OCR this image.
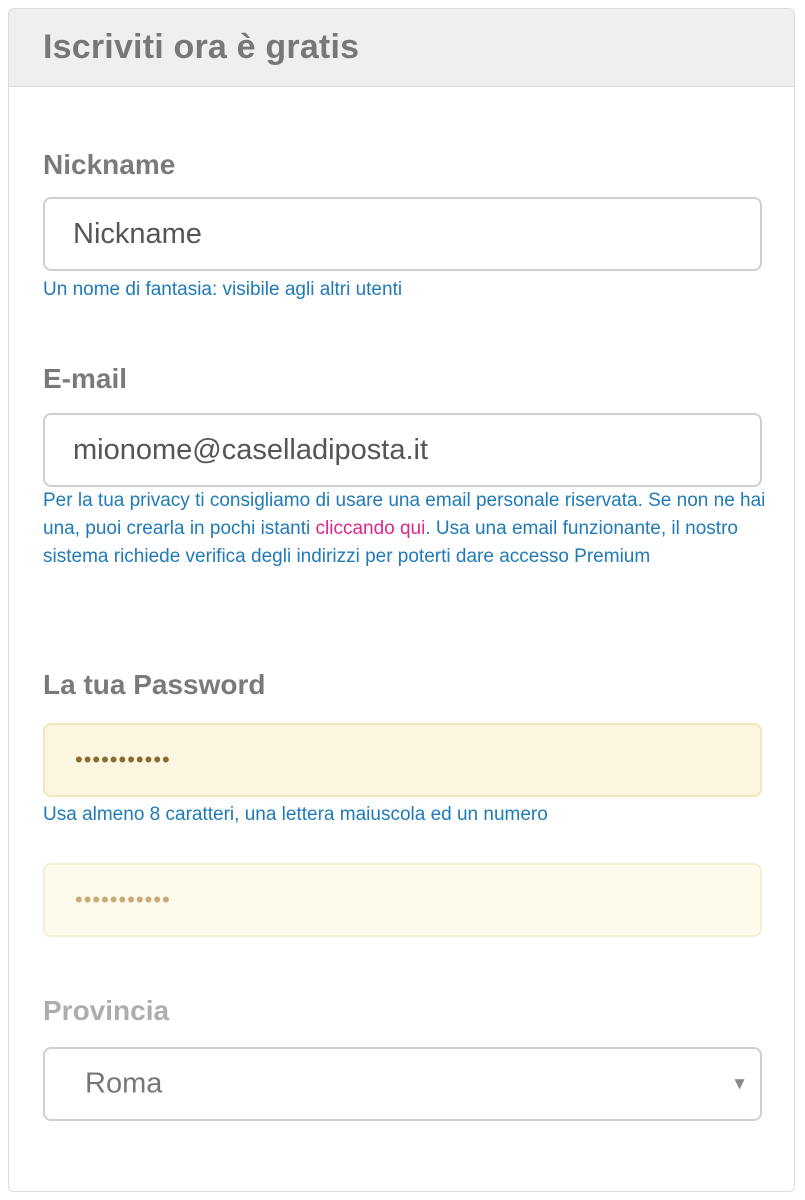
Iscriviti ora è gratis
Nickname
Nickname
Un nome di fantasia: visibile agli altri utenti
E-mail
mionome@caselladiposta.it
Per la tua privacy ti consigliamo di usare una email personale riservata. Se non ne hai una, puoi crearla in pochi istanti cliccando qui. Usa una email funzionante, il nostro sistema richiede verifica degli indirizzi per poterti dare accesso Premium
La tua Password
•••••••••••
Usa almeno 8 caratteri, una lettera maiuscola ed un numero
•••••••••••
Provincia
Roma	▼
